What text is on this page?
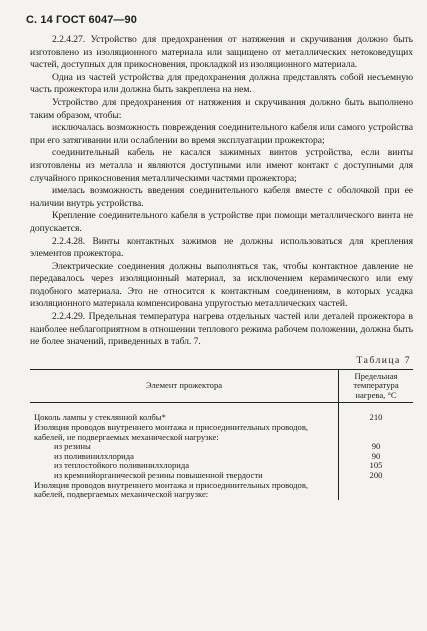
С. 14 ГОСТ 6047—90

2.2.4.27. Устройство для предохранения от натяжения и скручивания должно быть изготовлено из изоляционного материала или защищено от металлических нетоковедущих частей, доступных для прикосновения, прокладкой из изоляционного материала.

Одна из частей устройства для предохранения должна представлять собой несъемную часть прожектора или должна быть закреплена на нем.

Устройство для предохранения от натяжения и скручивания должно быть выполнено таким образом, чтобы:

исключалась возможность повреждения соединительного кабеля или самого устройства при его затягивании или ослаблении во время эксплуатации прожектора;

соединительный кабель не касался зажимных винтов устройства, если винты изготовлены из металла и являются доступными или имеют контакт с доступными для случайного прикосновения металлическими частями прожектора;

имелась возможность введения соединительного кабеля вместе с оболочкой при ее наличии внутрь устройства.

Крепление соединительного кабеля в устройстве при помощи металлического винта не допускается.

2.2.4.28. Винты контактных зажимов не должны использоваться для крепления элементов прожектора.

Электрические соединения должны выполняться так, чтобы контактное давление не передавалось через изоляционный материал, за исключением керамического или ему подобного материала. Это не относится к контактным соединениям, в которых усадка изоляционного материала компенсирована упругостью металлических частей.

2.2.4.29. Предельная температура нагрева отдельных частей или деталей прожектора в наиболее неблагоприятном в отношении теплового режима рабочем положении, должна быть не более значений, приведенных в табл. 7.

Таблица 7
Элемент прожектора	Предельная температура нагрева, °С

Цоколь лампы у стеклянной колбы*	210
Изоляция проводов внутреннего монтажа и присоединительных проводов, кабелей, не подвергаемых механической нагрузке:	
из резины	90
из поливинилхлорида	90
из теплостойкого поливинилхлорида	105
из кремнийорганической резины повышенной твердости	200
Изоляция проводов внутреннего монтажа и присоединительных проводов, кабелей, подвергаемых механической нагрузке:	
